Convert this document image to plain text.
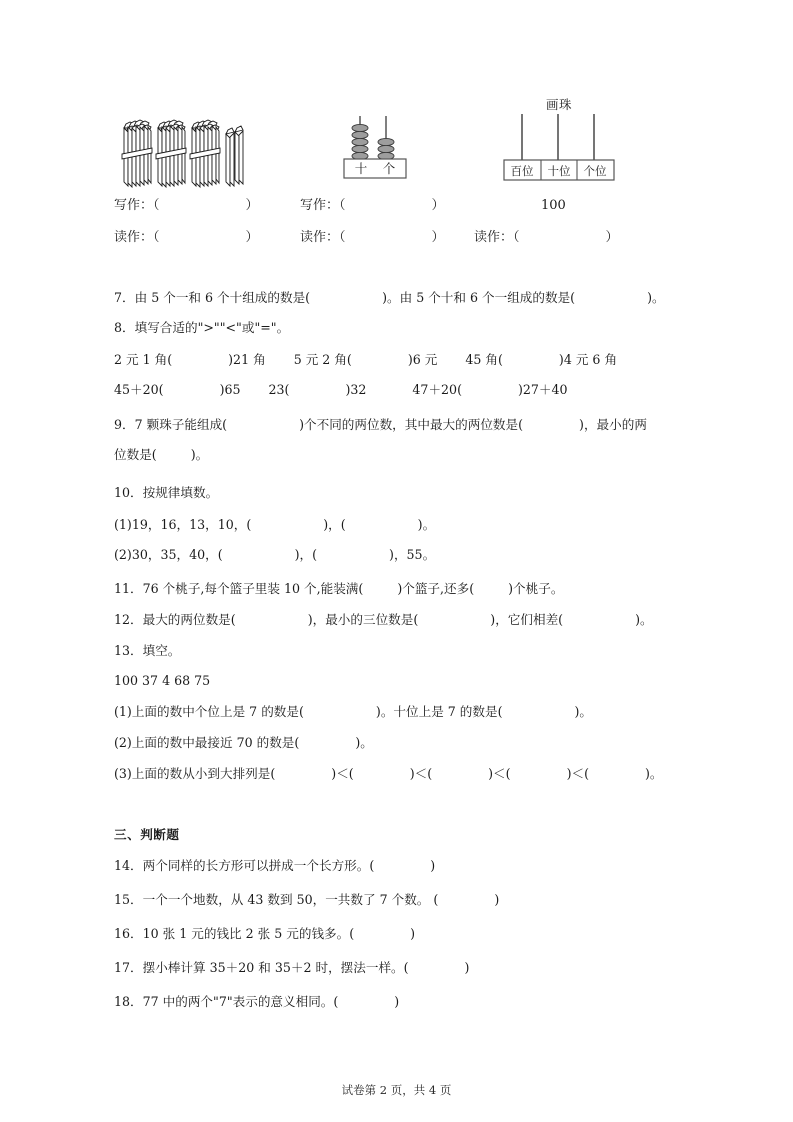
十 个
画珠
百位 十位 个位
写作：（	）	写作：（	）	100
读作：（	）	读作：（	） 读作：（	）
7．由 5 个一和 6 个十组成的数是(	)。由 5 个十和 6 个一组成的数是(	)。
8．填写合适的">""<"或"="。
2 元 1 角(	)21 角 5 元 2 角(	)6 元 45 角(	)4 元 6 角
45＋20(	)65 23(	)32	47＋20(	)27＋40
9．7 颗珠子能组成(	)个不同的两位数，其中最大的两位数是(	)，最小的两
位数是(	)。
10．按规律填数。
(1)19，16，13，10，(	)，(	)。
(2)30，35，40，(	)，(	)，55。
11．76 个桃子,每个篮子里装 10 个,能装满(	)个篮子,还多(	)个桃子。
12．最大的两位数是(	)，最小的三位数是(	)，它们相差(	)。
13．填空。
100 37 4 68 75
(1)上面的数中个位上是 7 的数是(	)。十位上是 7 的数是(	)。
(2)上面的数中最接近 70 的数是(	)。
(3)上面的数从小到大排列是(	)＜(	)＜(	)＜(	)＜(	)。
三、判断题
14．两个同样的长方形可以拼成一个长方形。(	)
15．一个一个地数，从 43 数到 50，一共数了 7 个数。 (	)
16．10 张 1 元的钱比 2 张 5 元的钱多。(	)
17．摆小棒计算 35＋20 和 35＋2 时，摆法一样。(	)
18．77 中的两个"7"表示的意义相同。(	)
试卷第 2 页，共 4 页
